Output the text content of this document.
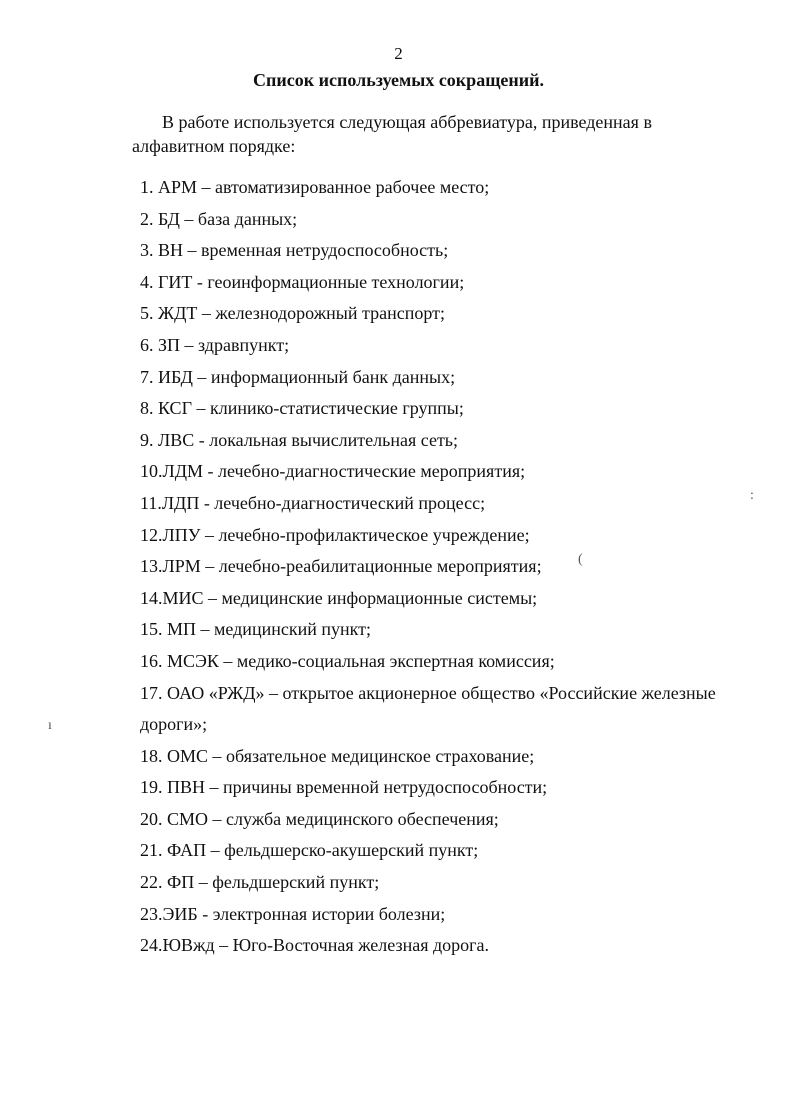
2
Список используемых сокращений.
В работе используется следующая аббревиатура, приведенная в алфавитном порядке:
1. АРМ – автоматизированное рабочее место;
2. БД – база данных;
3. ВН – временная нетрудоспособность;
4. ГИТ - геоинформационные технологии;
5. ЖДТ – железнодорожный транспорт;
6. ЗП – здравпункт;
7. ИБД – информационный банк данных;
8. КСГ – клинико-статистические группы;
9. ЛВС - локальная вычислительная сеть;
10.ЛДМ - лечебно-диагностические мероприятия;
11.ЛДП - лечебно-диагностический процесс;
12.ЛПУ – лечебно-профилактическое учреждение;
13.ЛРМ – лечебно-реабилитационные мероприятия;
14.МИС – медицинские информационные системы;
15. МП – медицинский пункт;
16. МСЭК – медико-социальная экспертная комиссия;
17. ОАО «РЖД» – открытое акционерное общество «Российские железные дороги»;
18. ОМС – обязательное медицинское страхование;
19. ПВН – причины временной нетрудоспособности;
20. СМО – служба медицинского обеспечения;
21. ФАП – фельдшерско-акушерский пункт;
22. ФП – фельдшерский пункт;
23.ЭИБ - электронная истории болезни;
24.ЮВжд – Юго-Восточная железная дорога.
:
(
ı
